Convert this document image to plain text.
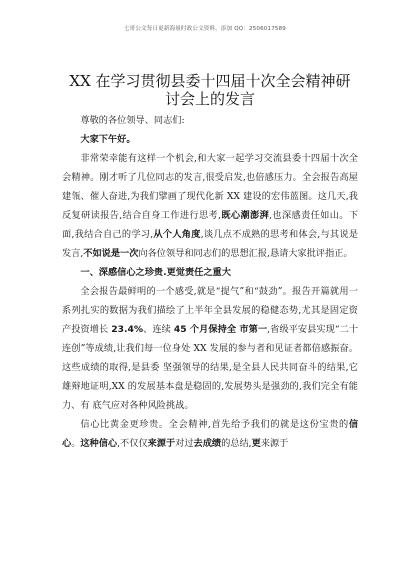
七哥公文每日更新海量时政公文资料，添加 QQ：2506017589
XX 在学习贯彻县委十四届十次全会精神研讨会上的发言

尊敬的各位领导、同志们:

大家下午好。

非常荣幸能有这样一个机会,和大家一起学习交流县委十四届十次全会精神。刚才听了几位同志的发言,很受启发,也倍感压力。全会报告高屋建瓴、催人奋进,为我们擘画了现代化新 XX 建设的宏伟蓝图。这几天,我反复研读报告,结合自身工作进行思考,既心潮澎湃,也深感责任如山。下面,我结合自己的学习,从个人角度,谈几点不成熟的思考和体会,与其说是发言,不如说是一次向各位领导和同志们的思想汇报,恳请大家批评指正。

一、深感信心之珍贵.更觉责任之重大

全会报告最鲜明的一个感受,就是“提气”和“鼓劲”。报告开篇就用一系列扎实的数据为我们描绘了上半年全县发展的稳健态势,尤其是固定资产投资增长 23.4%、连续 45 个月保持全 市第一,省级平安县实现“二十连创”等成绩,让我们每一位身处 XX 发展的参与者和见证者都倍感振奋。这些成绩的取得,是县委 坚强领导的结果,是全县人民共同奋斗的结果,它雄辩地证明,XX 的发展基本盘是稳固的,发展势头是强劲的,我们完全有能力、有 底气应对各种风险挑战。

信心比黄金更珍贵。全会精神,首先给予我们的就是这份宝贵的信心。这种信心,不仅仅来源于对过去成绩的总结,更来源于
